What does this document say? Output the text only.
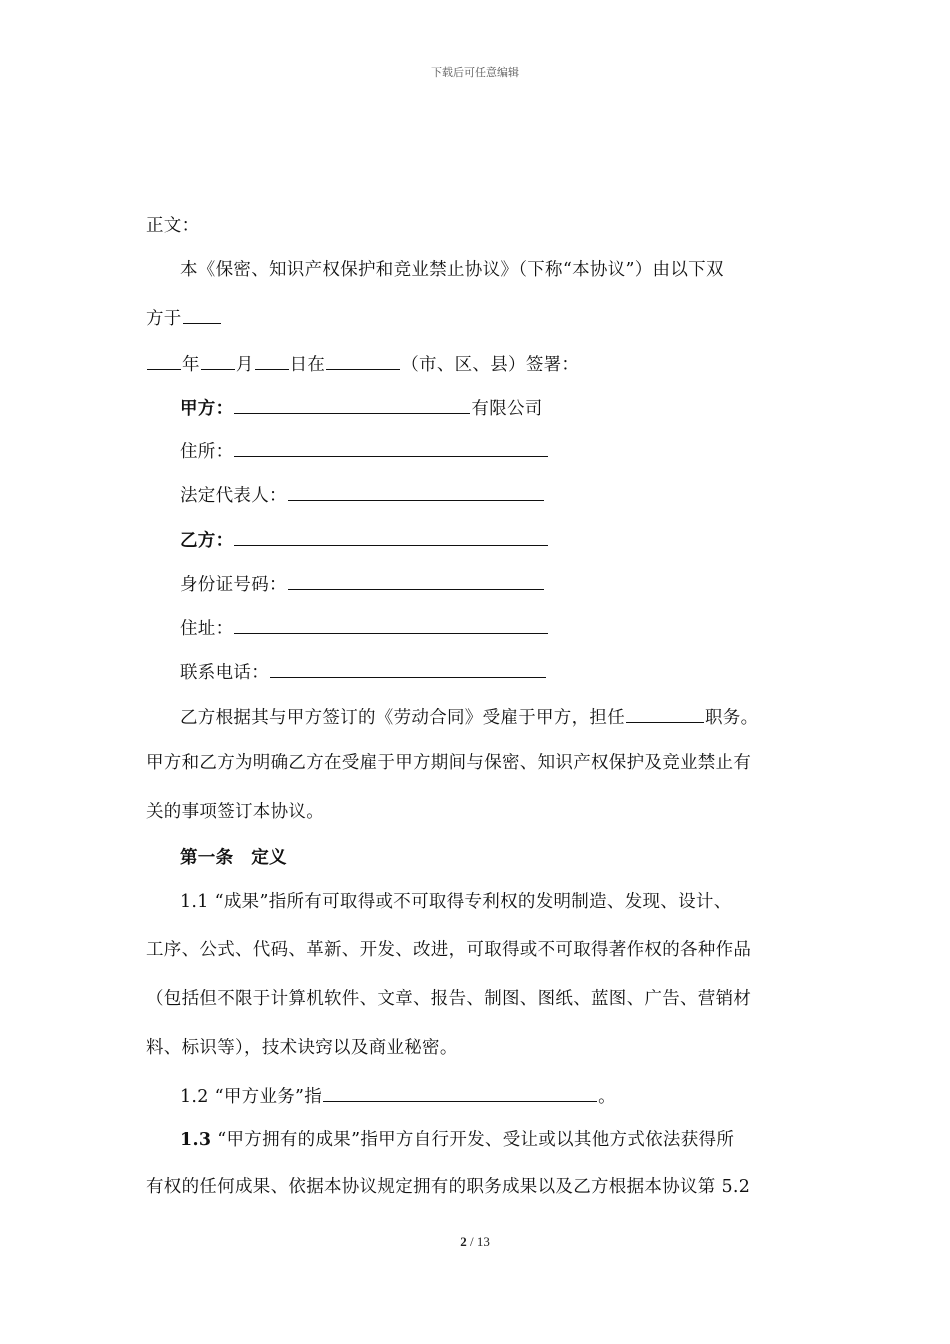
下载后可任意编辑
正文：
本《保密、知识产权保护和竞业禁止协议》（下称“本协议”）由以下双
方于
年 月 日在	（市、区、县）签署：
甲方：	有限公司
住所：
法定代表人：
乙方：
身份证号码：
住址：
联系电话：
乙方根据其与甲方签订的《劳动合同》受雇于甲方，担任	职务。
甲方和乙方为明确乙方在受雇于甲方期间与保密、知识产权保护及竞业禁止有
关的事项签订本协议。
第一条　定义
1.1 “成果”指所有可取得或不可取得专利权的发明制造、发现、设计、
工序、公式、代码、革新、开发、改进，可取得或不可取得著作权的各种作品
（包括但不限于计算机软件、文章、报告、制图、图纸、蓝图、广告、营销材
料、标识等），技术诀窍以及商业秘密。
1.2 “甲方业务”指	。
1.3 “甲方拥有的成果”指甲方自行开发、受让或以其他方式依法获得所
有权的任何成果、依据本协议规定拥有的职务成果以及乙方根据本协议第 5.2
2 / 13
